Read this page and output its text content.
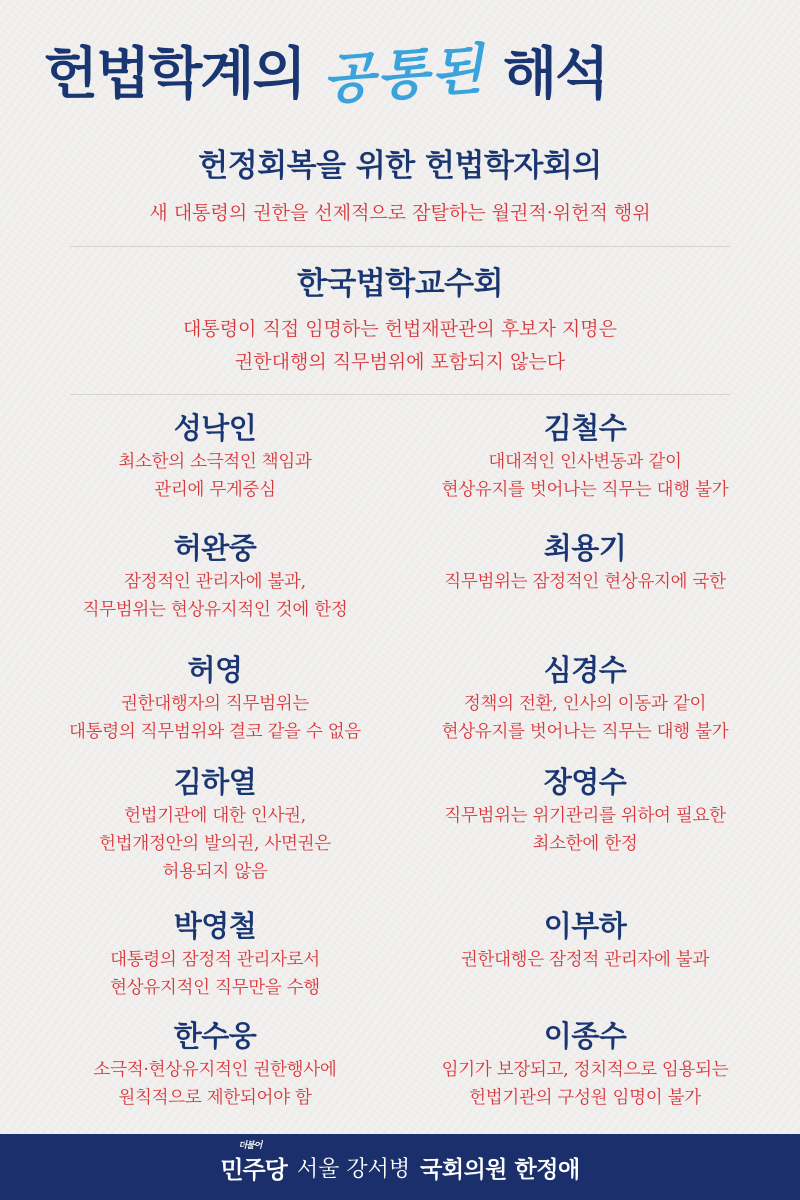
헌법학계의 공통된 해석
헌정회복을 위한 헌법학자회의
새 대통령의 권한을 선제적으로 잠탈하는 월권적·위헌적 행위
한국법학교수회
대통령이 직접 임명하는 헌법재판관의 후보자 지명은
권한대행의 직무범위에 포함되지 않는다
성낙인
최소한의 소극적인 책임과
관리에 무게중심
김철수
대대적인 인사변동과 같이
현상유지를 벗어나는 직무는 대행 불가
허완중
잠정적인 관리자에 불과,
직무범위는 현상유지적인 것에 한정
최용기
직무범위는 잠정적인 현상유지에 국한
허영
권한대행자의 직무범위는
대통령의 직무범위와 결코 같을 수 없음
심경수
정책의 전환, 인사의 이동과 같이
현상유지를 벗어나는 직무는 대행 불가
김하열
헌법기관에 대한 인사권,
헌법개정안의 발의권, 사면권은
허용되지 않음
장영수
직무범위는 위기관리를 위하여 필요한
최소한에 한정
박영철
대통령의 잠정적 관리자로서
현상유지적인 직무만을 수행
이부하
권한대행은 잠정적 관리자에 불과
한수웅
소극적·현상유지적인 권한행사에
원칙적으로 제한되어야 함
이종수
임기가 보장되고, 정치적으로 임용되는
헌법기관의 구성원 임명이 불가
더불어
민주당 서울 강서병 국회의원 한정애
